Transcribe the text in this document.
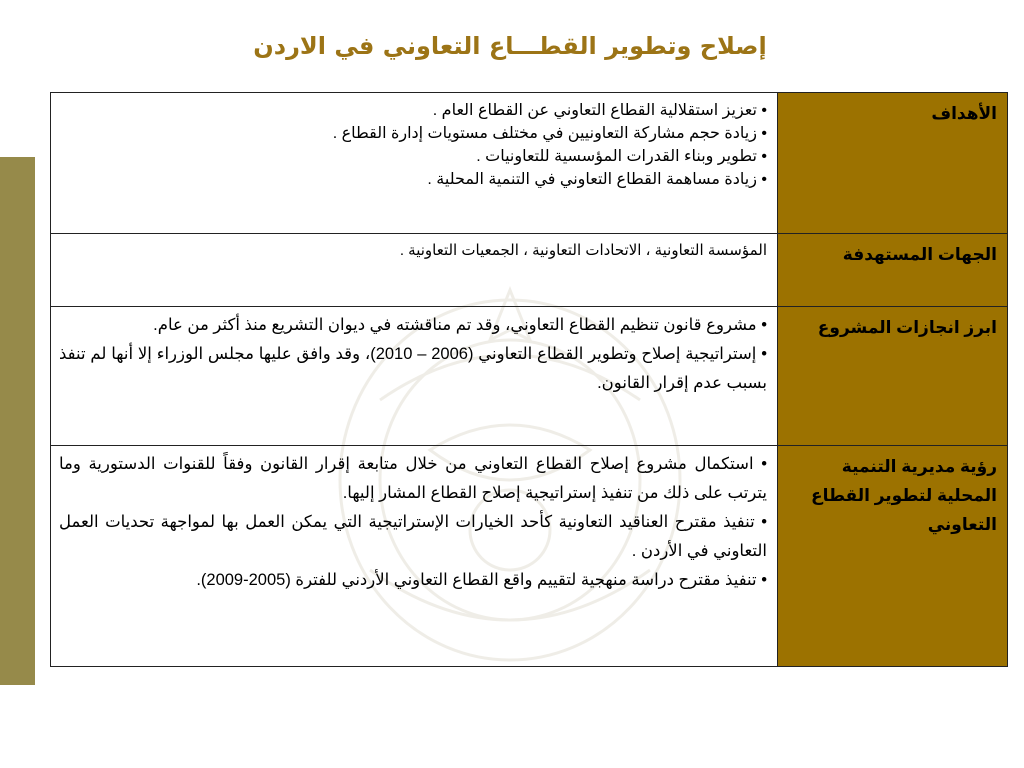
إصلاح وتطوير القطـــاع التعاوني في الاردن
الأهداف	• تعزيز استقلالية القطاع التعاوني عن القطاع العام .
• زيادة حجم مشاركة التعاونيين في مختلف مستويات إدارة القطاع .
• تطوير وبناء القدرات المؤسسية للتعاونيات .
• زيادة مساهمة القطاع التعاوني في التنمية المحلية .

الجهات المستهدفة	المؤسسة التعاونية ، الاتحادات التعاونية ، الجمعيات التعاونية .

ابرز انجازات المشروع	• مشروع قانون تنظيم القطاع التعاوني، وقد تم مناقشته في ديوان التشريع منذ أكثر من عام.
• إستراتيجية إصلاح وتطوير القطاع التعاوني (2006 – 2010)، وقد وافق عليها مجلس الوزراء إلا أنها لم تنفذ بسبب عدم إقرار القانون.

رؤية مديرية التنمية المحلية لتطوير القطاع التعاوني	• استكمال مشروع إصلاح القطاع التعاوني من خلال متابعة إقرار القانون وفقاً للقنوات الدستورية وما يترتب على ذلك من تنفيذ إستراتيجية إصلاح القطاع المشار إليها.
• تنفيذ مقترح العناقيد التعاونية كأحد الخيارات الإستراتيجية التي يمكن العمل بها لمواجهة تحديات العمل التعاوني في الأردن .
• تنفيذ مقترح دراسة منهجية لتقييم واقع القطاع التعاوني الأردني للفترة (2005-2009).
